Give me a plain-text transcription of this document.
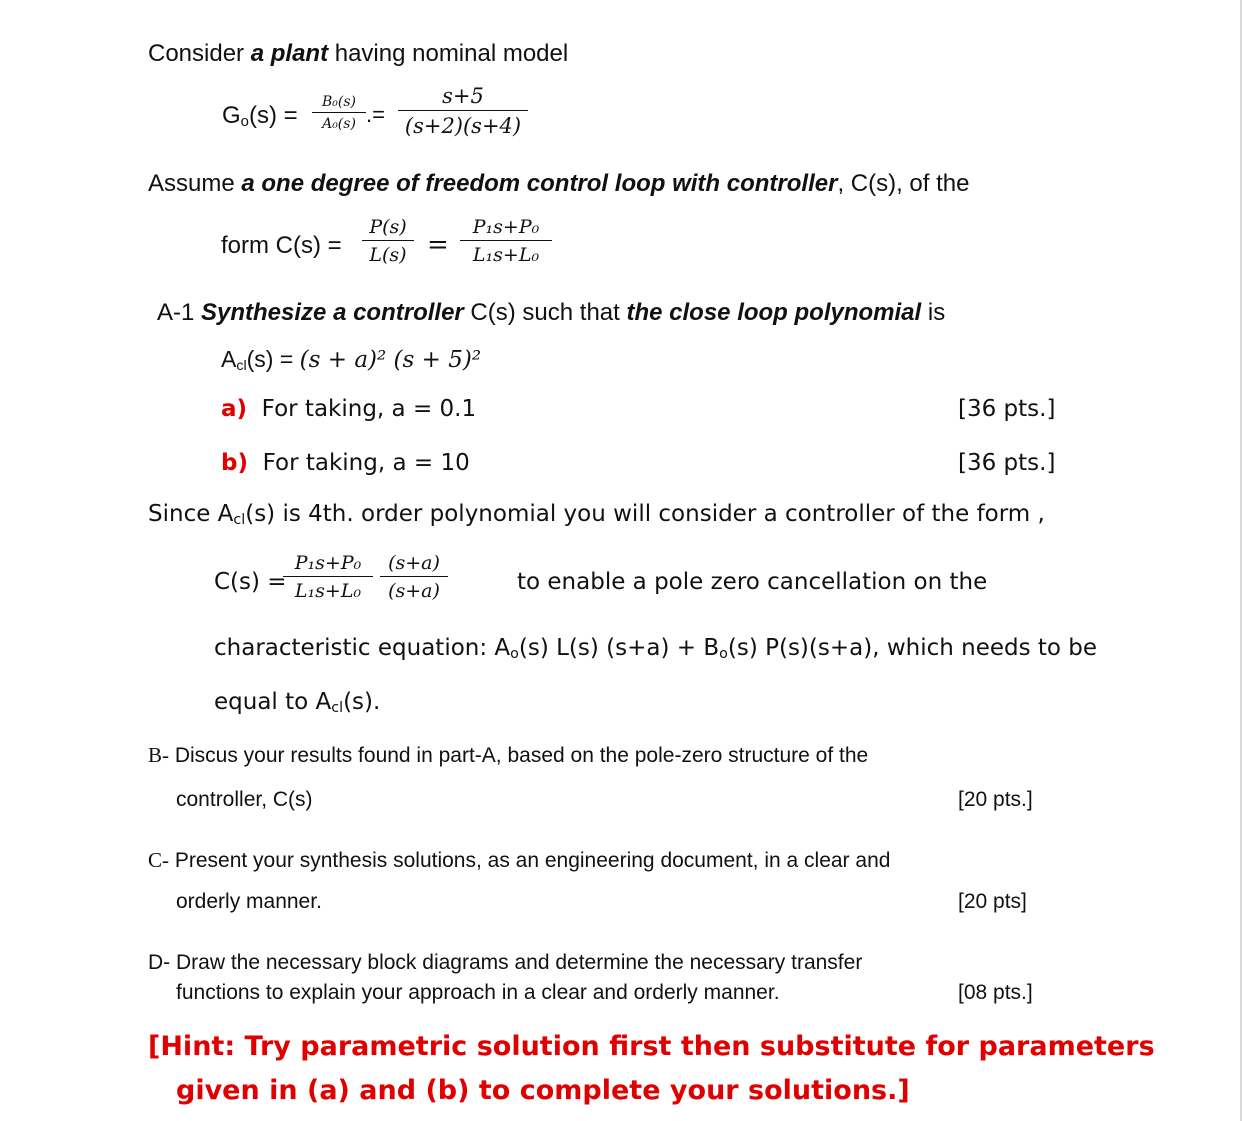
Consider a plant having nominal model
$G_o(s)$ =	B₀(s)
A₀(s) .=
s+5
(s+2)(s+4)
Assume a one degree of freedom control loop with controller, C(s), of the
form C(s) =
P(s)
L(s) =
P₁s+P₀
L₁s+L₀
A-1 Synthesize a controller C(s) such that the close loop polynomial is
$A_{cl}(s) = (s + a)^2$ (s + 5)²
a) For taking, a = 0.1	[36 pts.]
b) For taking, a = 10	[36 pts.]
Since $A_{cl}(s)$ is 4th. order polynomial you will consider a controller of the form ,
C(s) =
P₁s+P₀
L₁s+L₀
(s+a)
(s+a)	to enable a pole zero cancellation on the
characteristic equation: $A_o(s)$ L(s) $(s+a) + B_o(s)$ P(s)(s+a), which needs to be
equal to $A_{cl}(s)$.
B- Discus your results found in part-A, based on the pole-zero structure of the
controller, C(s)	[20 pts.]
C- Present your synthesis solutions, as an engineering document, in a clear and
orderly manner.	[20 pts]
D- Draw the necessary block diagrams and determine the necessary transfer
functions to explain your approach in a clear and orderly manner.	[08 pts.]
[Hint: Try parametric solution first then substitute for parameters
given in (a) and (b) to complete your solutions.]
